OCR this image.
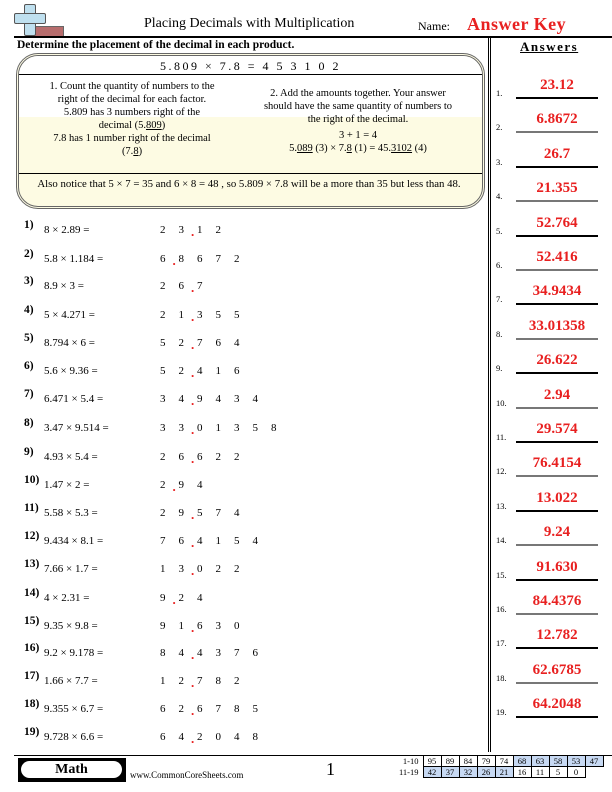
Placing Decimals with Multiplication	Name: Answer Key
Determine the placement of the decimal in each product.	Answers
5.809 × 7.8 = 4 5 3 1 0 2
1. Count the quantity of numbers to the
right of the decimal for each factor.
5.809 has 3 numbers right of the
decimal (5.809)
7.8 has 1 number right of the decimal
(7.8)
2. Add the amounts together. Your answer
should have the same quantity of numbers to
the right of the decimal.
3 + 1 = 4
5.089 (3) × 7.8 (1) = 45.3102 (4)
Also notice that 5 × 7 = 35 and 6 × 8 = 48 , so 5.809 × 7.8 will be a more than 35 but less than 48.
1) 8 × 2.89 =	2 3 . 1 2
2) 5.8 × 1.184 =	6 . 8 6 7 2
3) 8.9 × 3 =	2 6 . 7
4) 5 × 4.271 =	2 1 . 3 5 5
5) 8.794 × 6 =	5 2 . 7 6 4
6) 5.6 × 9.36 =	5 2 . 4 1 6
7) 6.471 × 5.4 =	3 4 . 9 4 3 4
8) 3.47 × 9.514 =	3 3 . 0 1 3 5 8
9) 4.93 × 5.4 =	2 6 . 6 2 2
10) 1.47 × 2 =	2 . 9 4
11) 5.58 × 5.3 =	2 9 . 5 7 4
12) 9.434 × 8.1 =	7 6 . 4 1 5 4
13) 7.66 × 1.7 =	1 3 . 0 2 2
14) 4 × 2.31 =	9 . 2 4
15) 9.35 × 9.8 =	9 1 . 6 3 0
16) 9.2 × 9.178 =	8 4 . 4 3 7 6
17) 1.66 × 7.7 =	1 2 . 7 8 2
18) 9.355 × 6.7 =	6 2 . 6 7 8 5
19) 9.728 × 6.6 =	6 4 . 2 0 4 8
1.	23.12
2.	6.8672
3.	26.7
4.	21.355
5.	52.764
6.	52.416
7.	34.9434
8.	33.01358
9.	26.622
10.	2.94
11.	29.574
12.	76.4154
13.	13.022
14.	9.24
15.	91.630
16.	84.4376
17.	12.782
18.	62.6785
19.	64.2048
Math	www.CommonCoreSheets.com	1	1-10	95	89	84	79	74	68	63	58	53	47
11-19	42	37	32	26	21	16	11	5	0	
